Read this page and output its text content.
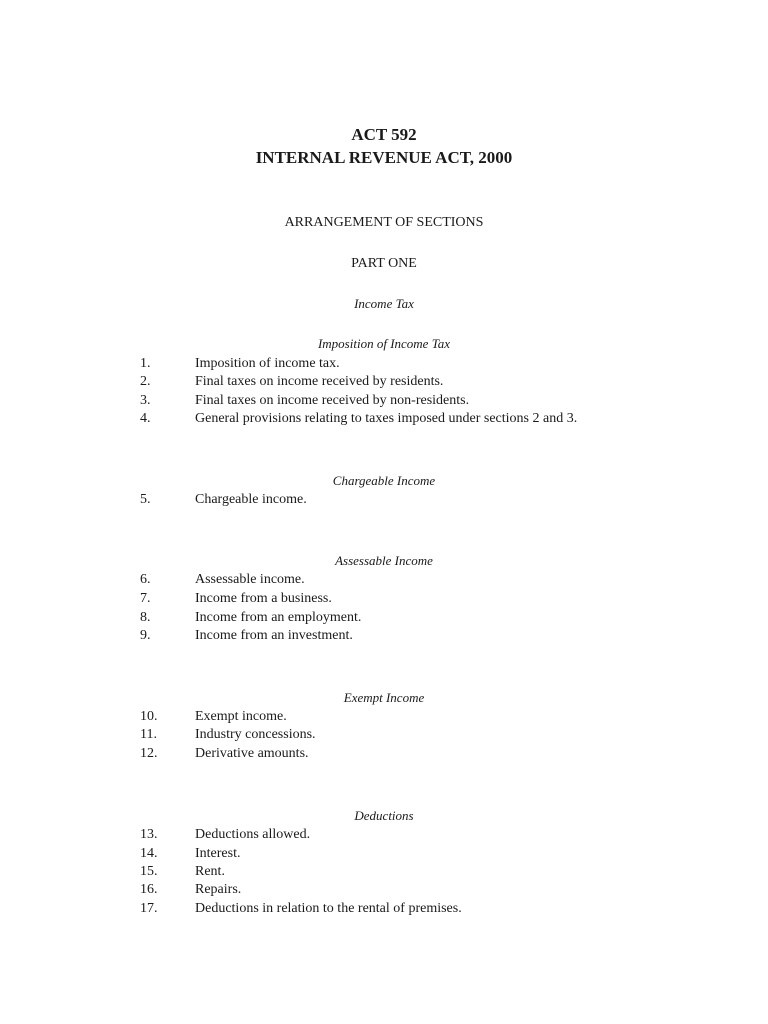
ACT 592
INTERNAL REVENUE ACT, 2000
ARRANGEMENT OF SECTIONS
PART ONE
Income Tax
Imposition of Income Tax
1.	Imposition of income tax.
2.	Final taxes on income received by residents.
3.	Final taxes on income received by non-residents.
4.	General provisions relating to taxes imposed under sections 2 and 3.
Chargeable Income
5.	Chargeable income.
Assessable Income
6.	Assessable income.
7.	Income from a business.
8.	Income from an employment.
9.	Income from an investment.
Exempt Income
10.	Exempt income.
11.	Industry concessions.
12.	Derivative amounts.
Deductions
13.	Deductions allowed.
14.	Interest.
15.	Rent.
16.	Repairs.
17.	Deductions in relation to the rental of premises.
